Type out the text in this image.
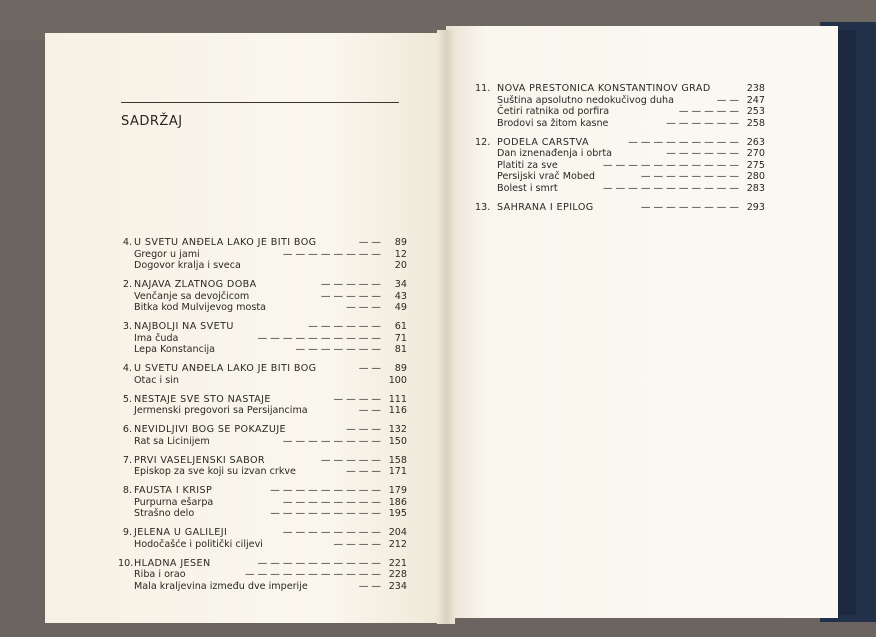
SADRŽAJ
4. U SVETU ANĐELA LAKO JE BITI BOG	— — 89
Gregor u jami	— — — — — — — — 12
Dogovor kralja i sveca	20
2. NAJAVA ZLATNOG DOBA	— — — — — 34
Venčanje sa devojčicom	— — — — — 43
Bitka kod Mulvijevog mosta	— — — 49
3. NAJBOLJI NA SVETU	— — — — — — 61
Ima čuda	— — — — — — — — — — 71
Lepa Konstancija	— — — — — — — 81
4. U SVETU ANĐELA LAKO JE BITI BOG	— — 89
Otac i sin	100
5. NESTAJE SVE STO NASTAJE	— — — — 111
Jermenski pregovori sa Persijancima	— — 116
6. NEVIDLJIVI BOG SE POKAZUJE	— — — 132
Rat sa Licinijem	— — — — — — — — 150
7. PRVI VASELJENSKI SABOR	— — — — — 158
Episkop za sve koji su izvan crkve	— — — 171
8. FAUSTA I KRISP	— — — — — — — — — 179
Purpurna ešarpa	— — — — — — — — 186
Strašno delo	— — — — — — — — — 195
9. JELENA U GALILEJI	— — — — — — — — 204
Hodočašće i politički ciljevi	— — — — 212
10. HLADNA JESEN	— — — — — — — — — — 221
Riba i orao	— — — — — — — — — — — 228
Mala kraljevina između dve imperije	— — 234
11. NOVA PRESTONICA KONSTANTINOV GRAD	238
Suština apsolutno nedokučivog duha	— — 247
Četiri ratnika od porfira	— — — — — 253
Brodovi sa žitom kasne	— — — — — — 258
12. PODELA CARSTVA	— — — — — — — — — 263
Dan iznenađenja i obrta	— — — — — — 270
Platiti za sve	— — — — — — — — — — — 275
Persijski vrač Mobed	— — — — — — — — 280
Bolest i smrt	— — — — — — — — — — — 283
13. SAHRANA I EPILOG	— — — — — — — — 293
